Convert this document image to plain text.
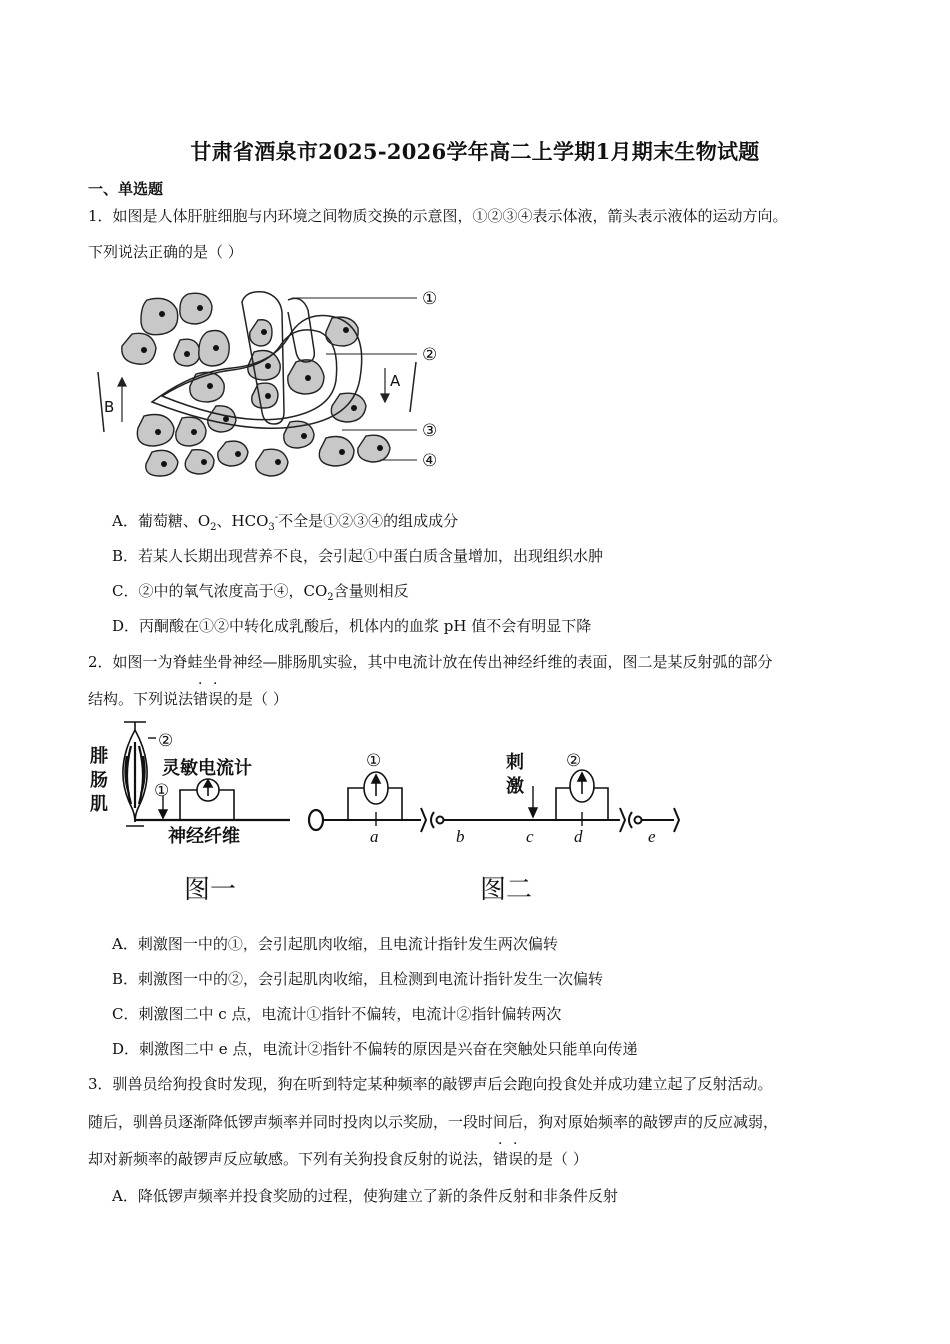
甘肃省酒泉市2025-2026学年高二上学期1月期末生物试题
一、单选题
1．如图是人体肝脏细胞与内环境之间物质交换的示意图，①②③④表示体液，箭头表示液体的运动方向。
下列说法正确的是（ ）
①
②
③
④
A
B
A．葡萄糖、$O_2$、$HCO_3^-$不全是①②③④的组成成分
B．若某人长期出现营养不良，会引起①中蛋白质含量增加，出现组织水肿
C．②中的氧气浓度高于④，$CO_2$含量则相反
D．丙酮酸在①②中转化成乳酸后，机体内的血浆 pH 值不会有明显下降
2．如图一为脊蛙坐骨神经—腓肠肌实验，其中电流计放在传出神经纤维的表面，图二是某反射弧的部分
结构。下列说法错误的是（ ）
腓
肠
肌
②
①
灵敏电流计
神经纤维
图一
①	②
刺
激
a	b	c d	e
图二
A．刺激图一中的①，会引起肌肉收缩，且电流计指针发生两次偏转
B．刺激图一中的②，会引起肌肉收缩，且检测到电流计指针发生一次偏转
C．刺激图二中 c 点，电流计①指针不偏转，电流计②指针偏转两次
D．刺激图二中 e 点，电流计②指针不偏转的原因是兴奋在突触处只能单向传递
3．驯兽员给狗投食时发现，狗在听到特定某种频率的敲锣声后会跑向投食处并成功建立起了反射活动。
随后，驯兽员逐渐降低锣声频率并同时投肉以示奖励，一段时间后，狗对原始频率的敲锣声的反应减弱，
却对新频率的敲锣声反应敏感。下列有关狗投食反射的说法，错误的是（ ）
A．降低锣声频率并投食奖励的过程，使狗建立了新的条件反射和非条件反射
